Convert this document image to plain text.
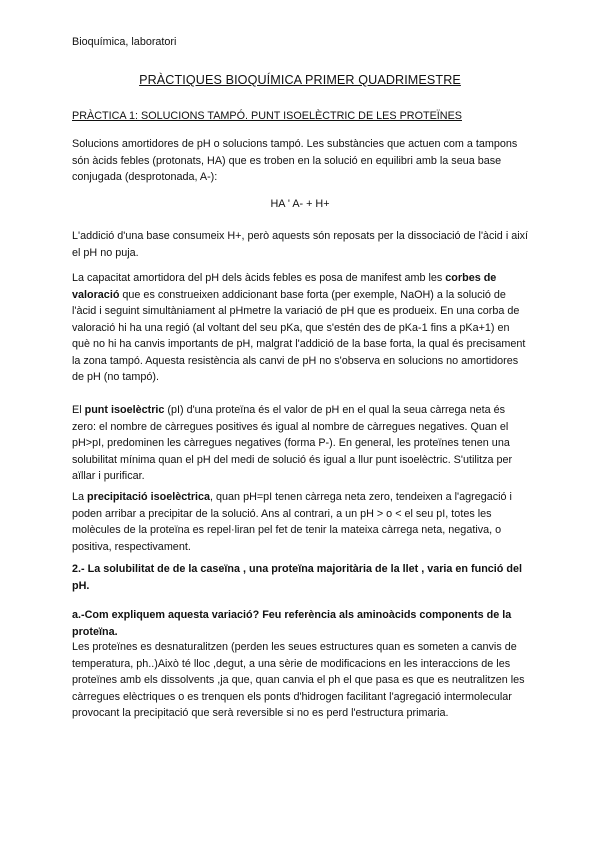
Bioquímica, laboratori
PRÀCTIQUES BIOQUÍMICA PRIMER QUADRIMESTRE
PRÀCTICA 1: SOLUCIONS TAMPÓ. PUNT ISOELÈCTRIC DE LES PROTEÏNES

Solucions amortidores de pH o solucions tampó. Les substàncies que actuen com a tampons són àcids febles (protonats, HA) que es troben en la solució en equilibri amb la seua base conjugada (desprotonada, A-):

HA ' A- + H+

L'addició d'una base consumeix H+, però aquests són reposats per la dissociació de l'àcid i així el pH no puja.

La capacitat amortidora del pH dels àcids febles es posa de manifest amb les corbes de valoració que es construeixen addicionant base forta (per exemple, NaOH) a la solució de l'àcid i seguint simultàniament al pHmetre la variació de pH que es produeix. En una corba de valoració hi ha una regió (al voltant del seu pKa, que s'estén des de pKa-1 fins a pKa+1) en què no hi ha canvis importants de pH, malgrat l'addició de la base forta, la qual és precisament la zona tampó. Aquesta resistència als canvi de pH no s'observa en solucions no amortidores de pH (no tampó).

El punt isoelèctric (pI) d'una proteïna és el valor de pH en el qual la seua càrrega neta és zero: el nombre de càrregues positives és igual al nombre de càrregues negatives. Quan el pH>pI, predominen les càrregues negatives (forma P-). En general, les proteïnes tenen una solubilitat mínima quan el pH del medi de solució és igual a llur punt isoelèctric. S'utilitza per aïllar i purificar.

La precipitació isoelèctrica, quan pH=pI tenen càrrega neta zero, tendeixen a l'agregació i poden arribar a precipitar de la solució. Ans al contrari, a un pH > o < el seu pI, totes les molècules de la proteïna es repel·liran pel fet de tenir la mateixa càrrega neta, negativa, o positiva, respectivament.

2.- La solubilitat de de la caseïna , una proteïna majoritària de la llet , varia en funció del pH.

a.-Com expliquem aquesta variació? Feu referència als aminoàcids components de la proteïna.

Les proteïnes es desnaturalitzen (perden les seues estructures quan es someten a canvis de temperatura, ph..)Això té lloc ,degut, a una sèrie de modificacions en les interaccions de les proteïnes amb els dissolvents ,ja que, quan canvia el ph el que pasa es que es neutralitzen les càrregues elèctriques o es trenquen els ponts d'hidrogen facilitant l'agregació intermolecular provocant la precipitació que serà reversible si no es perd l'estructura primaria.
